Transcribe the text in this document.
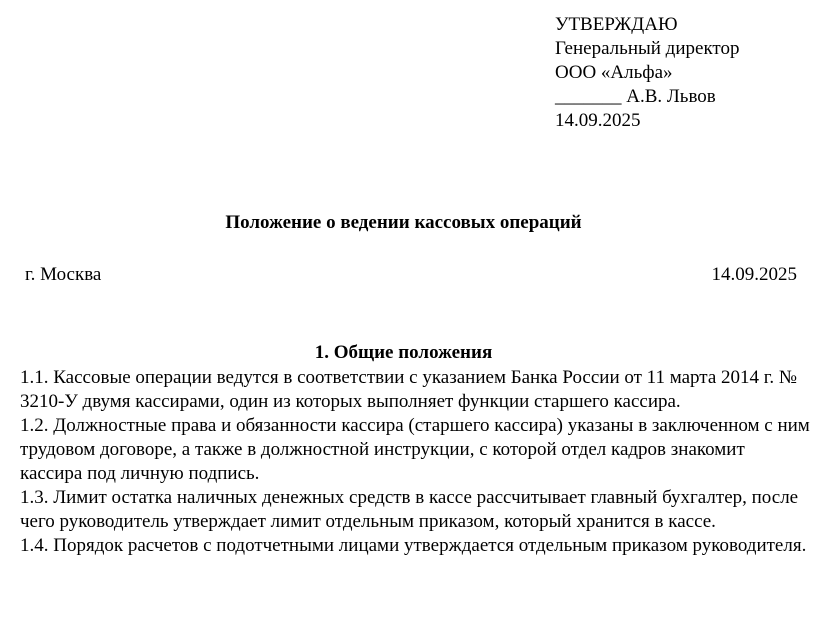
УТВЕРЖДАЮ
Генеральный директор
ООО «Альфа»
_______ А.В. Львов
14.09.2025
Положение о ведении кассовых операций
г. Москва	14.09.2025
1. Общие положения

1.1. Кассовые операции ведутся в соответствии с указанием Банка России от 11 марта 2014 г. № 3210-У двумя кассирами, один из которых выполняет функции старшего кассира.

1.2. Должностные права и обязанности кассира (старшего кассира) указаны в заключенном с ним трудовом договоре, а также в должностной инструкции, с которой отдел кадров знакомит кассира под личную подпись.

1.3. Лимит остатка наличных денежных средств в кассе рассчитывает главный бухгалтер, после чего руководитель утверждает лимит отдельным приказом, который хранится в кассе.

1.4. Порядок расчетов с подотчетными лицами утверждается отдельным приказом руководителя.
